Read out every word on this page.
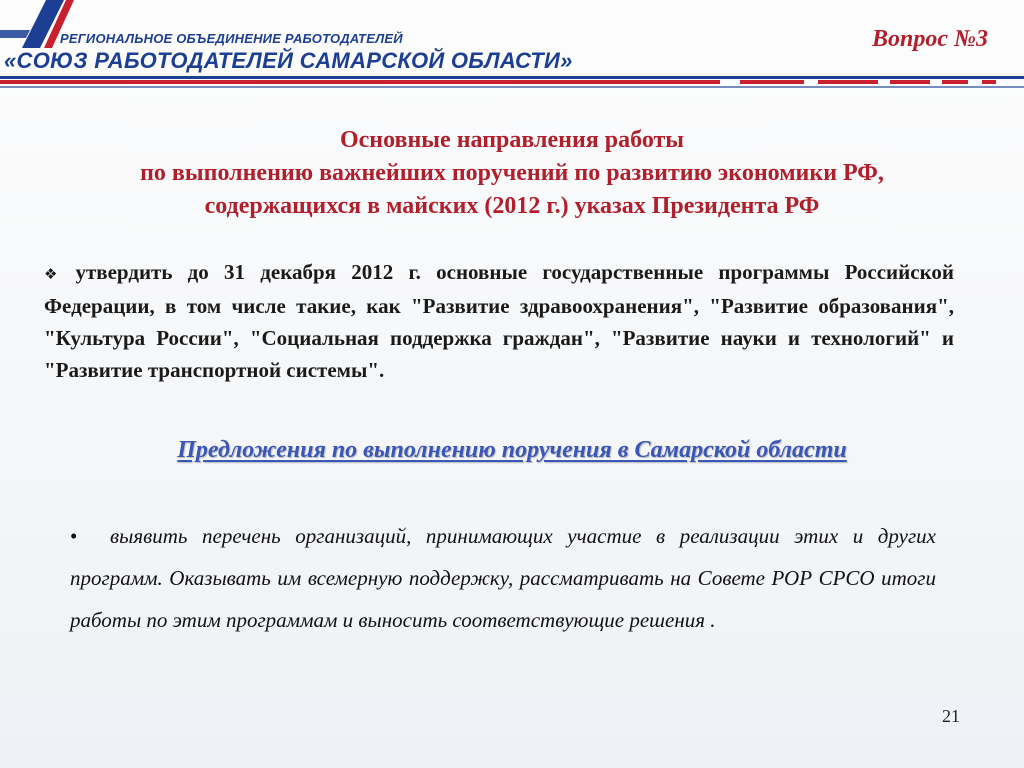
РЕГИОНАЛЬНОЕ ОБЪЕДИНЕНИЕ РАБОТОДАТЕЛЕЙ
«СОЮЗ РАБОТОДАТЕЛЕЙ САМАРСКОЙ ОБЛАСТИ»
Вопрос №3
Основные направления работы
по выполнению важнейших поручений по развитию экономики РФ,
содержащихся в майских (2012 г.) указах Президента РФ
❖ утвердить до 31 декабря 2012 г. основные государственные программы Российской Федерации, в том числе такие, как "Развитие здравоохранения", "Развитие образования", "Культура России", "Социальная поддержка граждан", "Развитие науки и технологий" и "Развитие транспортной системы".
Предложения по выполнению поручения в Самарской области
• выявить перечень организаций, принимающих участие в реализации этих и других программ. Оказывать им всемерную поддержку, рассматривать на Совете РОР СРСО итоги работы по этим программам и выносить соответствующие решения .
21
